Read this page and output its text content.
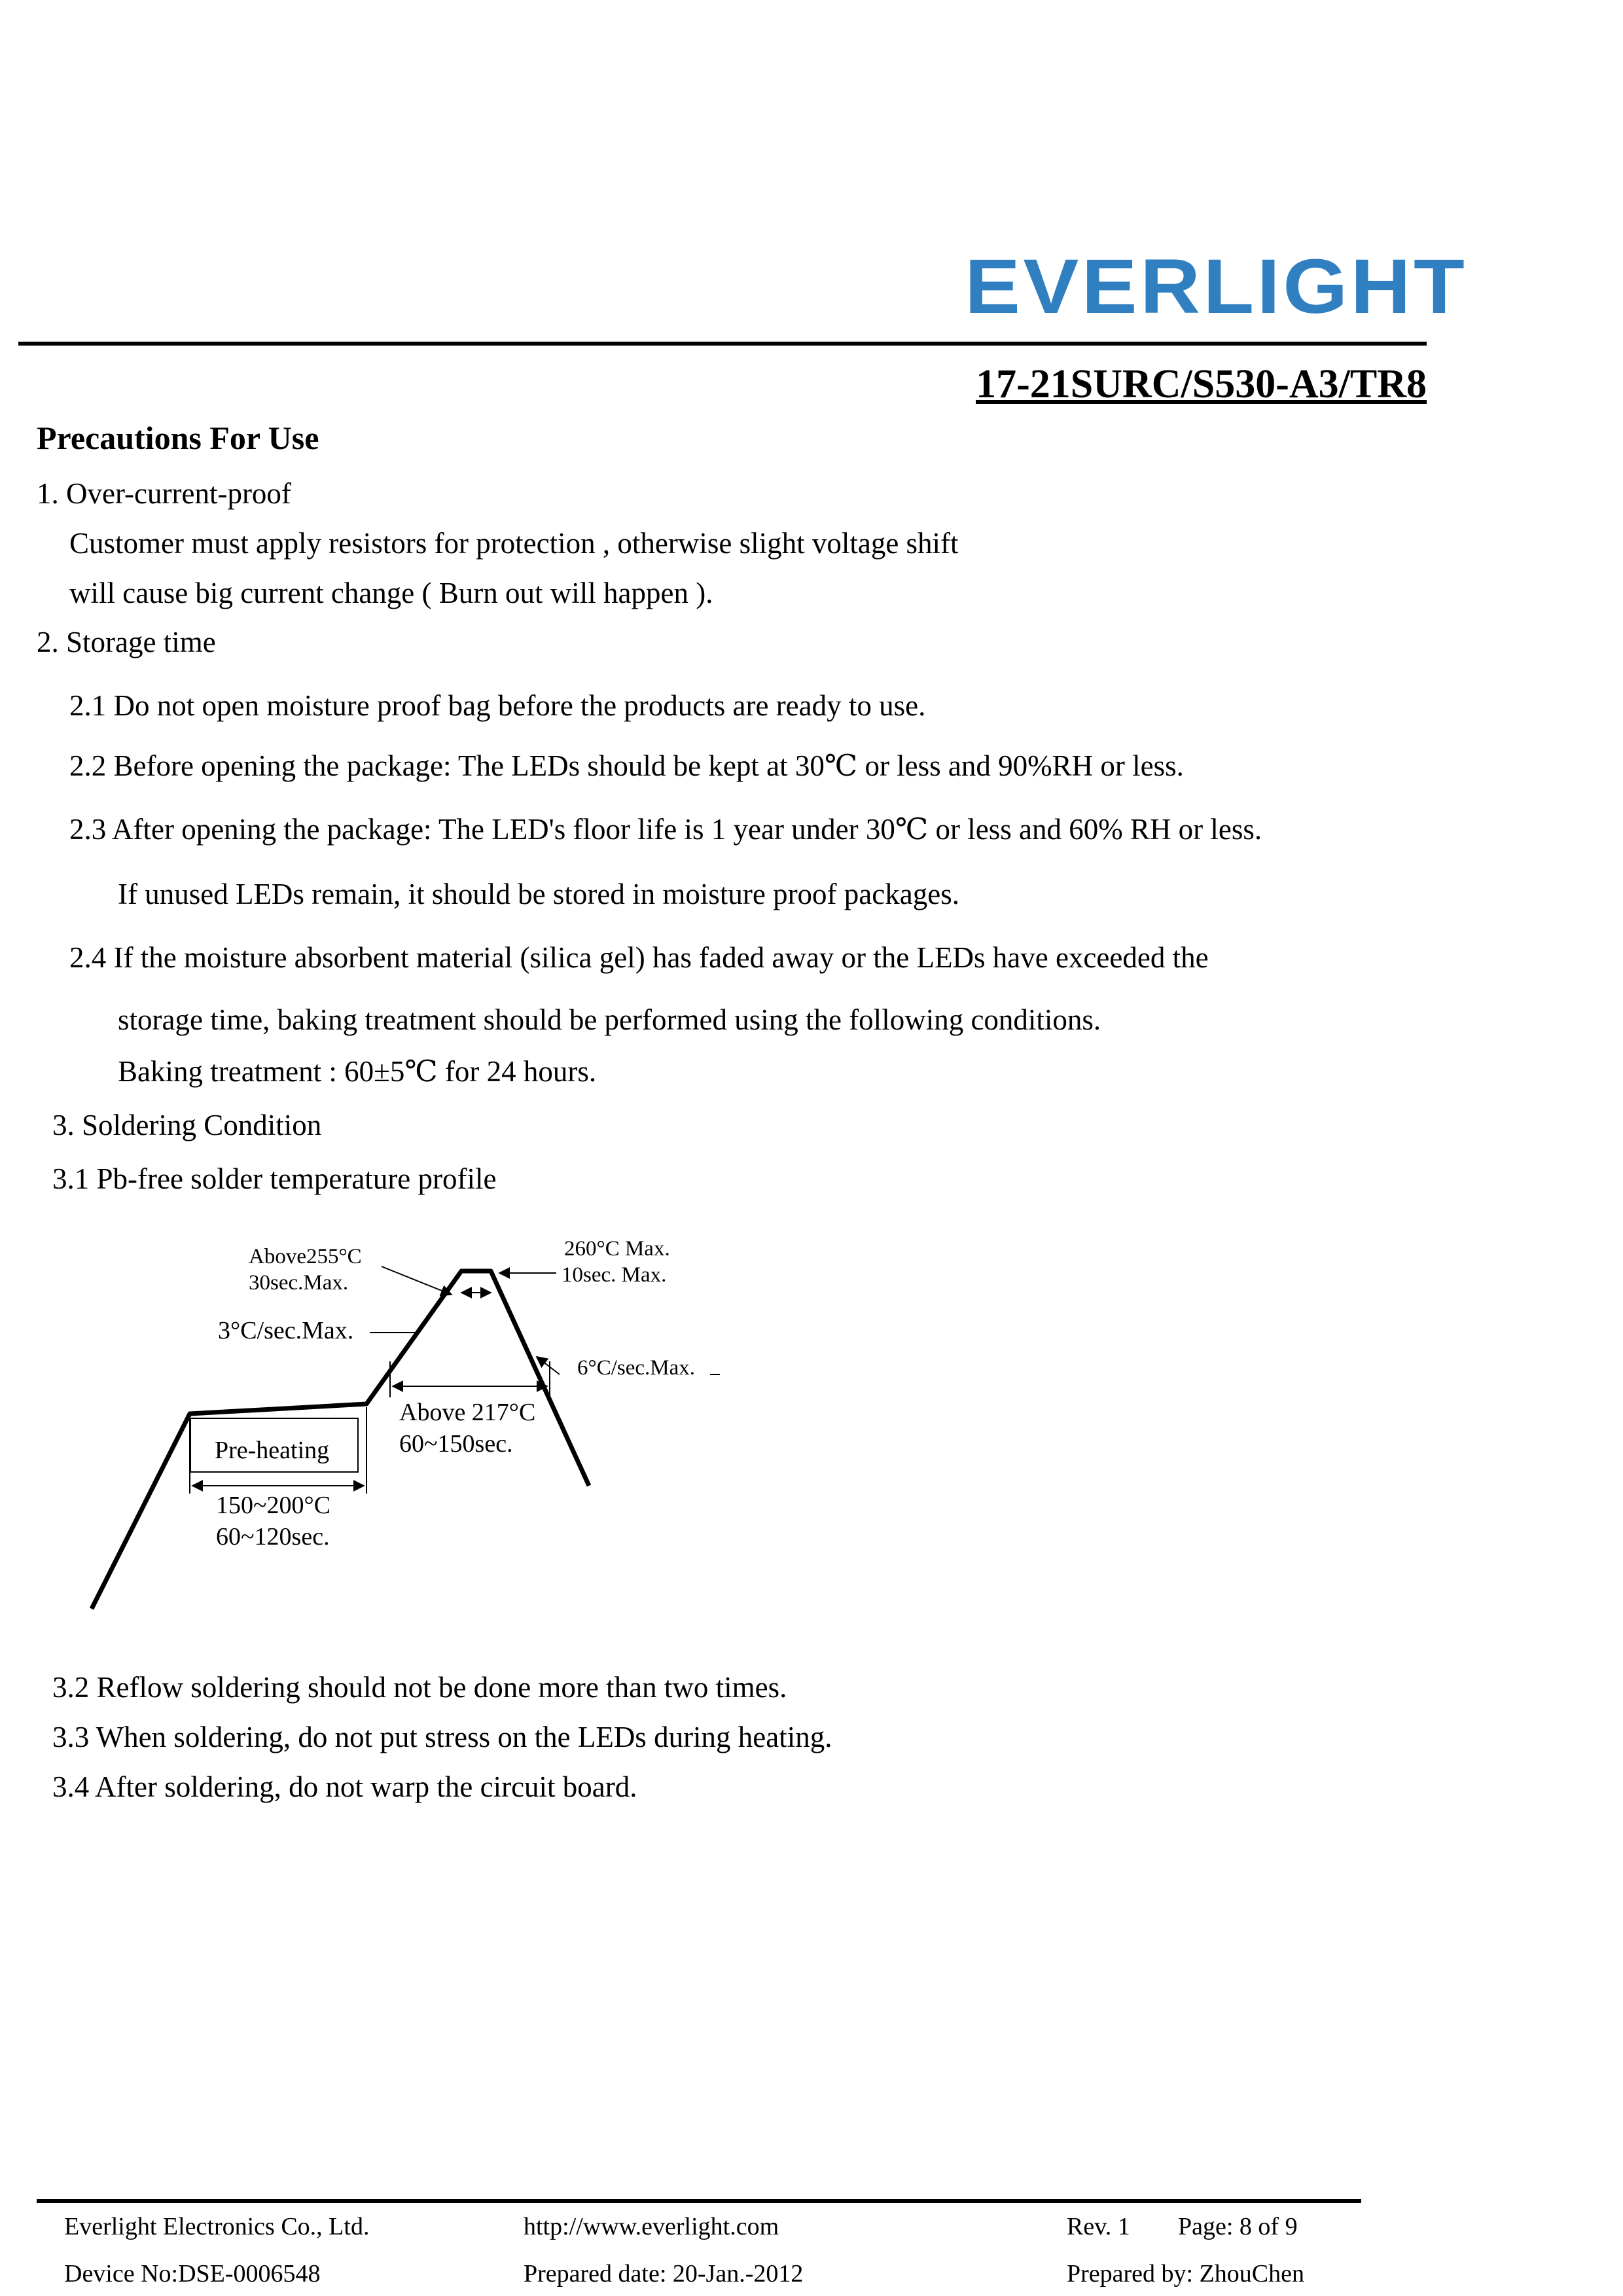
EVERLIGHT
17-21SURC/S530-A3/TR8
Precautions For Use
1. Over-current-proof
Customer must apply resistors for protection , otherwise slight voltage shift
will cause big current change ( Burn out will happen ).
2. Storage time
2.1 Do not open moisture proof bag before the products are ready to use.
2.2 Before opening the package: The LEDs should be kept at 30℃ or less and 90%RH or less.
2.3 After opening the package: The LED's floor life is 1 year under 30℃ or less and 60% RH or less.
If unused LEDs remain, it should be stored in moisture proof packages.
2.4 If the moisture absorbent material (silica gel) has faded away or the LEDs have exceeded the
storage time, baking treatment should be performed using the following conditions.
Baking treatment : 60±5℃ for 24 hours.
3. Soldering Condition
3.1 Pb-free solder temperature profile
Above255°C
30sec.Max.
3°C/sec.Max.
260°C Max.
10sec. Max.
6°C/sec.Max.
Above 217°C
60~150sec.
Pre-heating
150~200°C
60~120sec.
3.2 Reflow soldering should not be done more than two times.
3.3 When soldering, do not put stress on the LEDs during heating.
3.4 After soldering, do not warp the circuit board.
Everlight Electronics Co., Ltd.	http://www.everlight.com	Rev. 1 Page: 8 of 9
Device No:DSE-0006548	Prepared date: 20-Jan.-2012	Prepared by: ZhouChen
